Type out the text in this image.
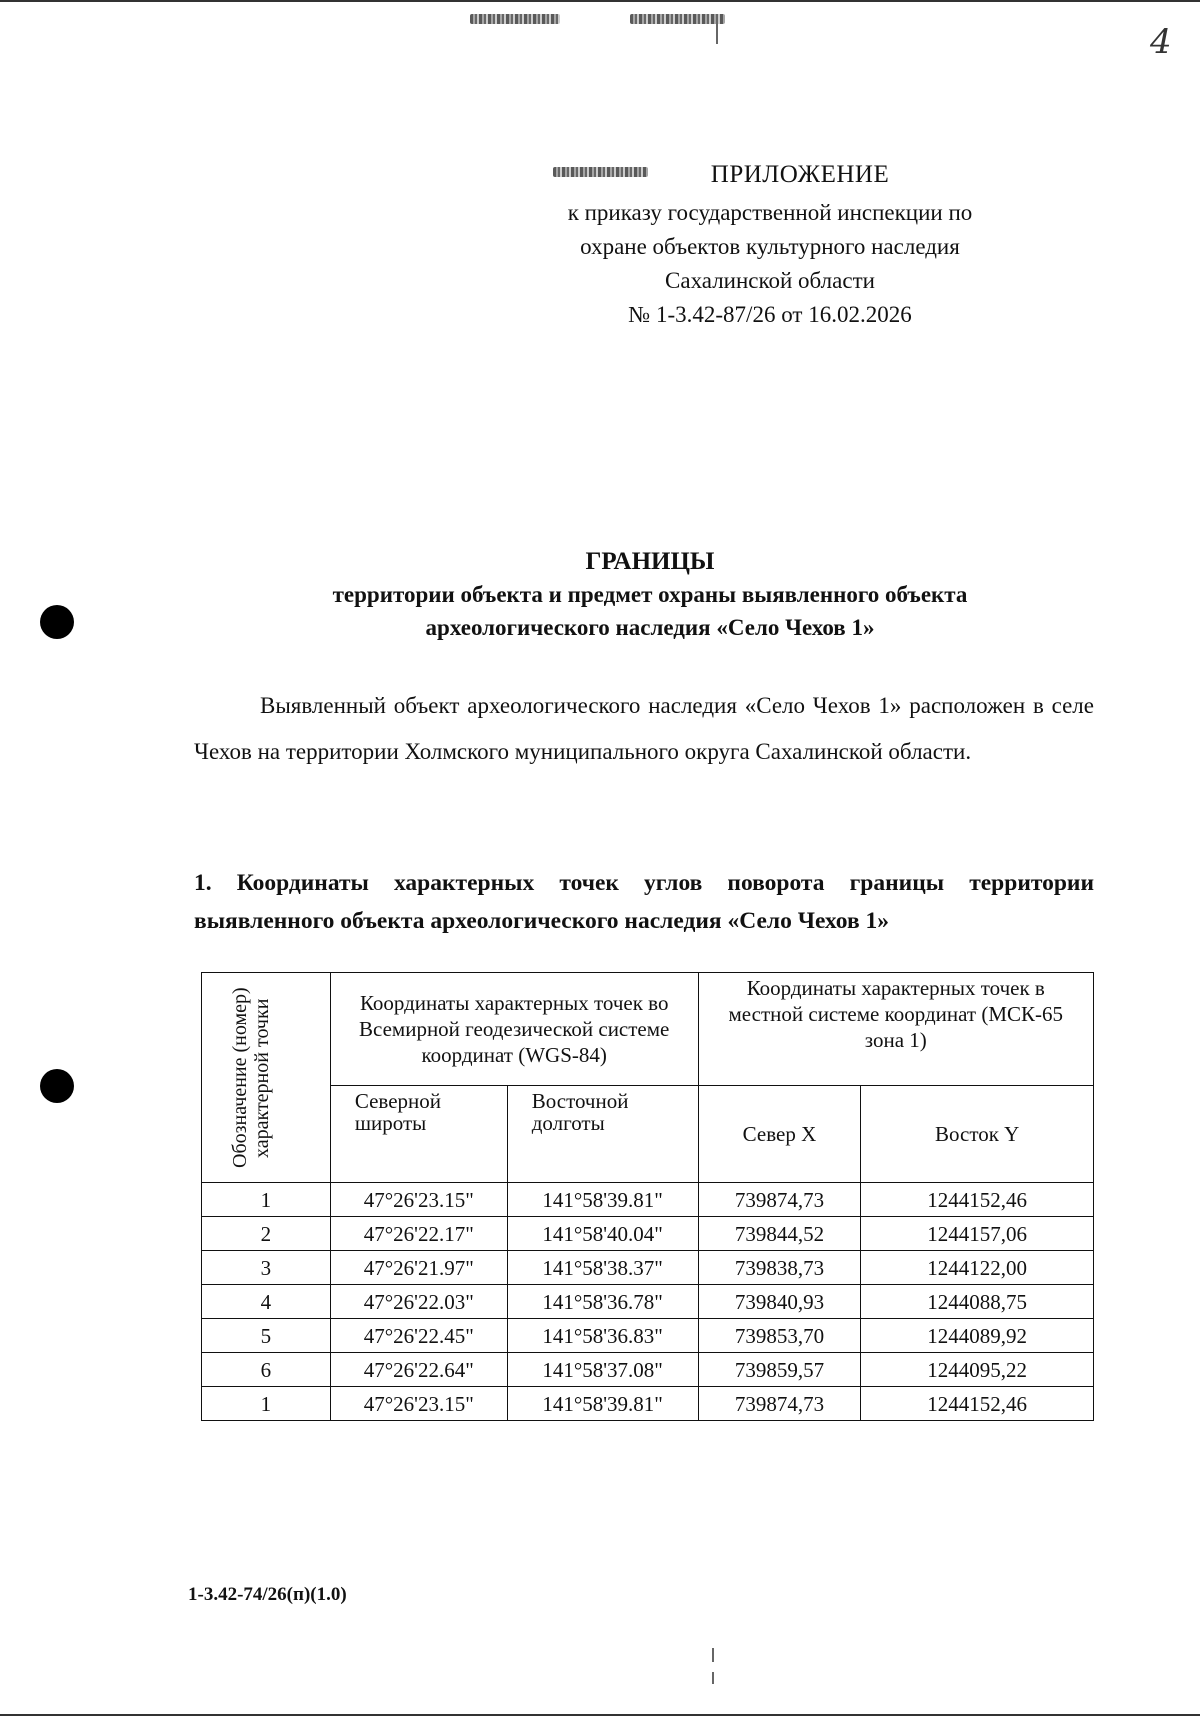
4
ПРИЛОЖЕНИЕ
к приказу государственной инспекции по
охране объектов культурного наследия
Сахалинской области
№ 1-3.42-87/26 от 16.02.2026
ГРАНИЦЫ
территории объекта и предмет охраны выявленного объекта
археологического наследия «Село Чехов 1»
Выявленный объект археологического наследия «Село Чехов 1» расположен в селе Чехов на территории Холмского муниципального округа Сахалинской области.
1. Координаты характерных точек углов поворота границы территории выявленного объекта археологического наследия «Село Чехов 1»
Обозначение (номер) характерной точки	Координаты характерных точек во Всемирной геодезической системе координат (WGS-84)		Координаты характерных точек в местной системе координат (МСК-65 зона 1)	

	Северной широты	Восточной долготы	Север X	Восток Y
1	47°26'23.15"	141°58'39.81"	739874,73	1244152,46
2	47°26'22.17"	141°58'40.04"	739844,52	1244157,06
3	47°26'21.97"	141°58'38.37"	739838,73	1244122,00
4	47°26'22.03"	141°58'36.78"	739840,93	1244088,75
5	47°26'22.45"	141°58'36.83"	739853,70	1244089,92
6	47°26'22.64"	141°58'37.08"	739859,57	1244095,22
1	47°26'23.15"	141°58'39.81"	739874,73	1244152,46
1-3.42-74/26(п)(1.0)
